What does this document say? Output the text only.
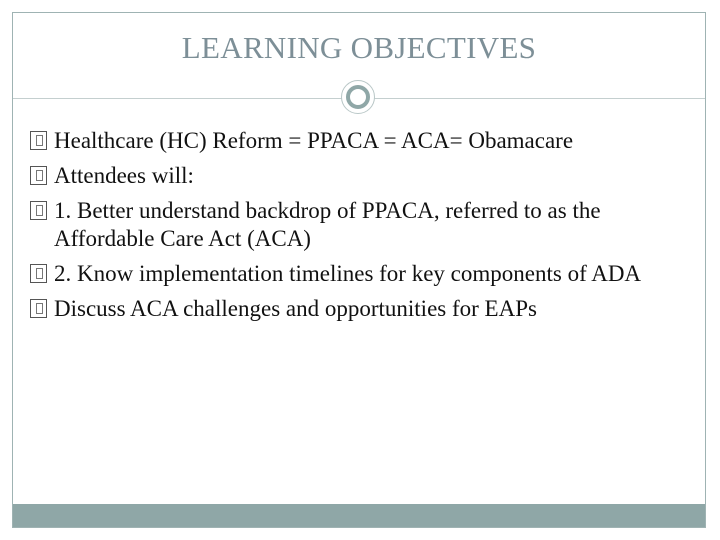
LEARNING OBJECTIVES
Healthcare (HC) Reform = PPACA = ACA= Obamacare
Attendees will:
1. Better understand backdrop of PPACA, referred to as the Affordable Care Act (ACA)
2. Know implementation timelines for key components of ADA
Discuss ACA challenges and opportunities for EAPs
